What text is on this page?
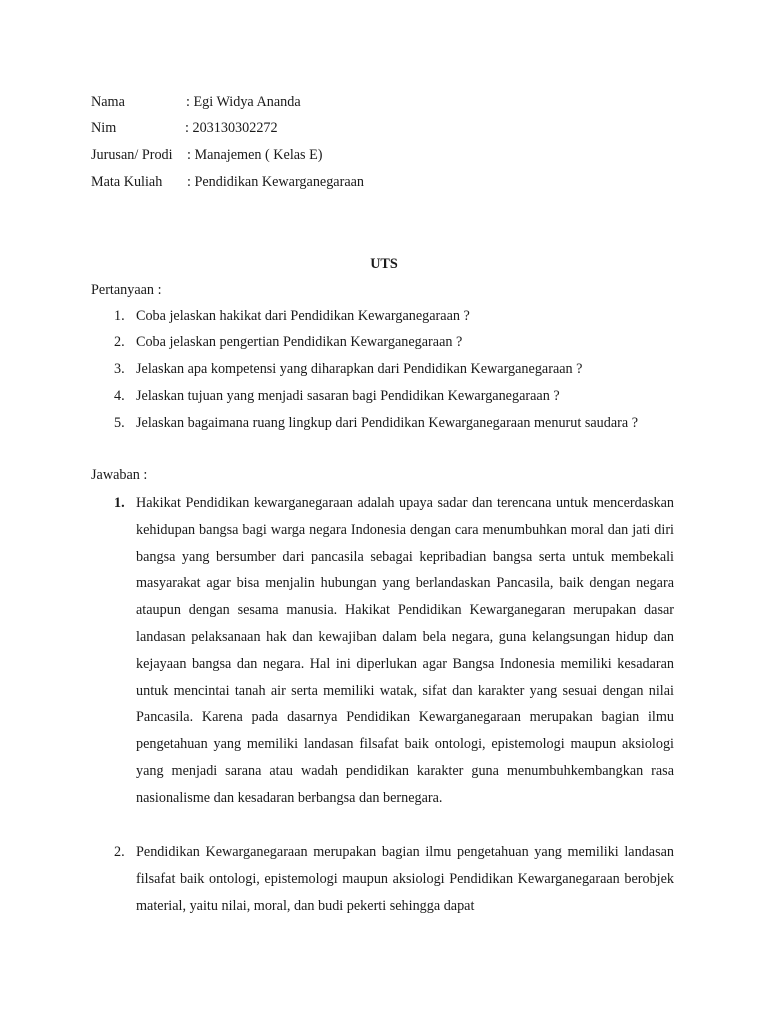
Nama	: Egi Widya Ananda
Nim	: 203130302272
Jurusan/ Prodi : Manajemen ( Kelas E)
Mata Kuliah : Pendidikan Kewarganegaraan
UTS
Pertanyaan :
1. Coba jelaskan hakikat dari Pendidikan Kewarganegaraan ?
2. Coba jelaskan pengertian Pendidikan Kewarganegaraan ?
3. Jelaskan apa kompetensi yang diharapkan dari Pendidikan Kewarganegaraan ?
4. Jelaskan tujuan yang menjadi sasaran bagi Pendidikan Kewarganegaraan ?
5. Jelaskan bagaimana ruang lingkup dari Pendidikan Kewarganegaraan menurut saudara ?
Jawaban :
1. Hakikat Pendidikan kewarganegaraan adalah upaya sadar dan terencana untuk mencerdaskan kehidupan bangsa bagi warga negara Indonesia dengan cara menumbuhkan moral dan jati diri bangsa yang bersumber dari pancasila sebagai kepribadian bangsa serta untuk membekali masyarakat agar bisa menjalin hubungan yang berlandaskan Pancasila, baik dengan negara ataupun dengan sesama manusia. Hakikat Pendidikan Kewarganegaran merupakan dasar landasan pelaksanaan hak dan kewajiban dalam bela negara, guna kelangsungan hidup dan kejayaan bangsa dan negara. Hal ini diperlukan agar Bangsa Indonesia memiliki kesadaran untuk mencintai tanah air serta memiliki watak, sifat dan karakter yang sesuai dengan nilai Pancasila. Karena pada dasarnya Pendidikan Kewarganegaraan merupakan bagian ilmu pengetahuan yang memiliki landasan filsafat baik ontologi, epistemologi maupun aksiologi yang menjadi sarana atau wadah pendidikan karakter guna menumbuhkembangkan rasa nasionalisme dan kesadaran berbangsa dan bernegara.

2. Pendidikan Kewarganegaraan merupakan bagian ilmu pengetahuan yang memiliki landasan filsafat baik ontologi, epistemologi maupun aksiologi Pendidikan Kewarganegaraan berobjek material, yaitu nilai, moral, dan budi pekerti sehingga dapat
